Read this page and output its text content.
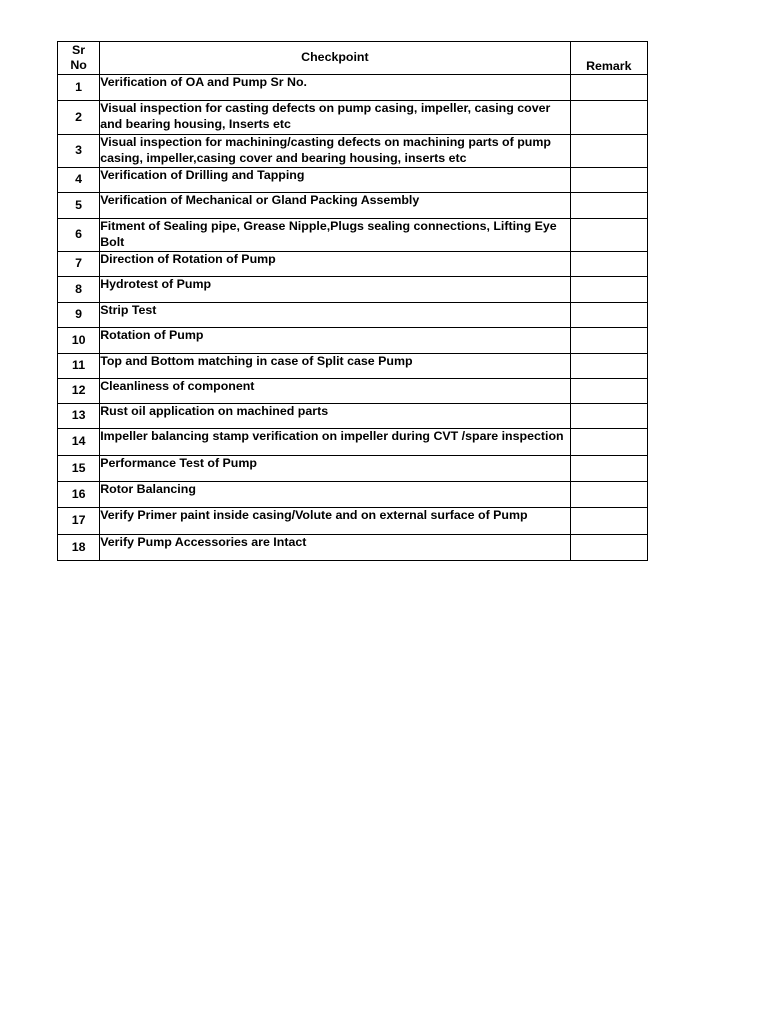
Sr
No	Checkpoint	Remark
1	Verification of OA and Pump Sr No.	
2	Visual inspection for casting defects on pump casing, impeller, casing cover and bearing housing, Inserts etc	
3	Visual inspection for machining/casting defects on machining parts of pump casing, impeller,casing cover and bearing housing, inserts etc	
4	Verification of Drilling and Tapping	
5	Verification of Mechanical or Gland Packing Assembly	
6	Fitment of Sealing pipe, Grease Nipple,Plugs sealing connections, Lifting Eye Bolt	
7	Direction of Rotation of Pump	
8	Hydrotest of Pump	
9	Strip Test	
10	Rotation of Pump	
11	Top and Bottom matching in case of Split case Pump	
12	Cleanliness of component	
13	Rust oil application on machined parts	
14	Impeller balancing stamp verification on impeller during CVT /spare inspection	
15	Performance Test of Pump	
16	Rotor Balancing	
17	Verify Primer paint inside casing/Volute and on external surface of Pump	
18	Verify Pump Accessories are Intact	
